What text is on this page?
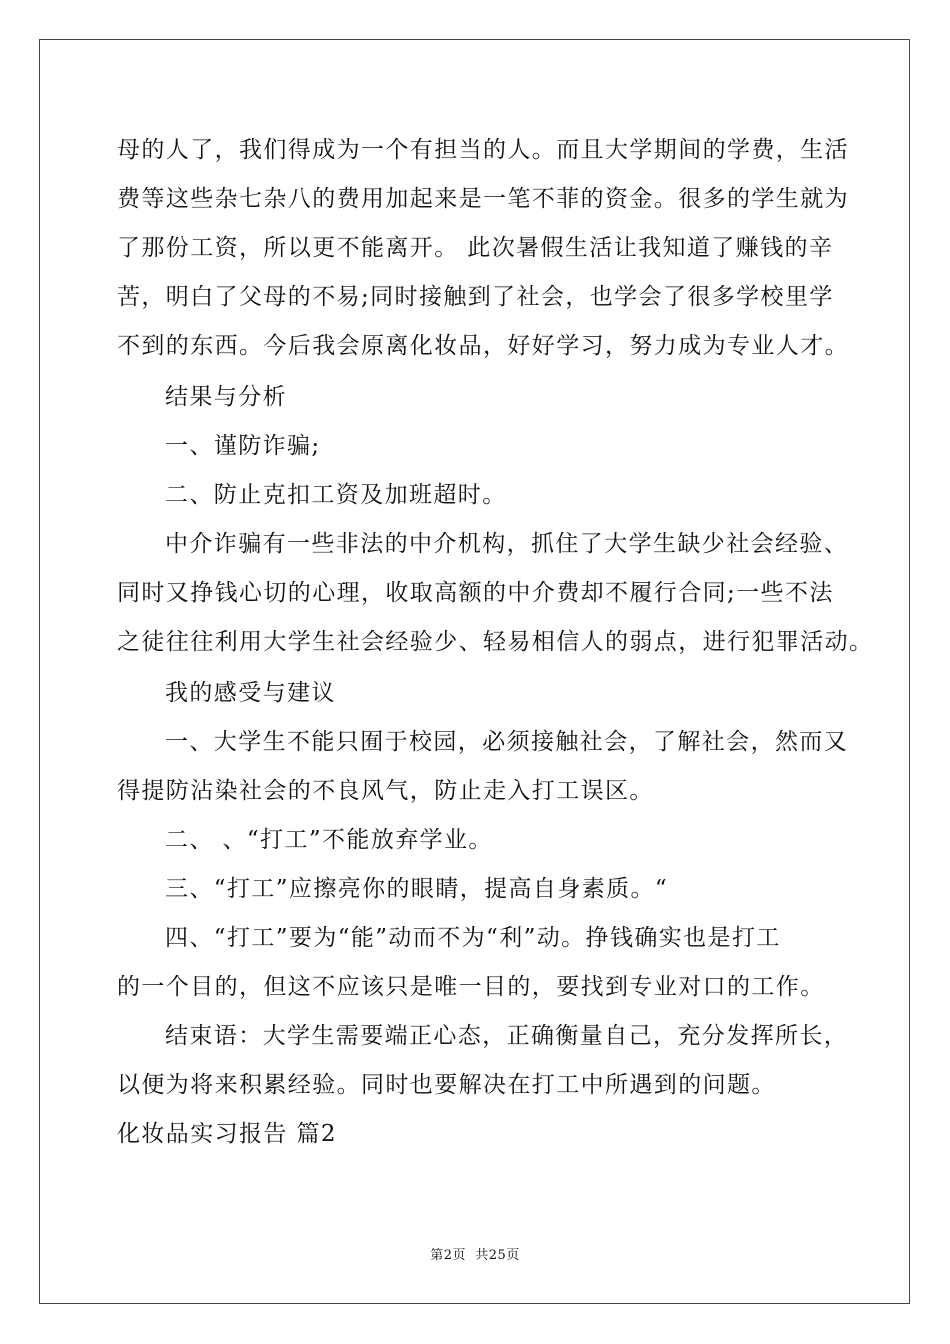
母的人了，我们得成为一个有担当的人。而且大学期间的学费，生活
费等这些杂七杂八的费用加起来是一笔不菲的资金。很多的学生就为
了那份工资，所以更不能离开。 此次暑假生活让我知道了赚钱的辛
苦，明白了父母的不易;同时接触到了社会，也学会了很多学校里学
不到的东西。今后我会原离化妆品，好好学习，努力成为专业人才。
结果与分析
一、谨防诈骗;
二、防止克扣工资及加班超时。
中介诈骗有一些非法的中介机构，抓住了大学生缺少社会经验、
同时又挣钱心切的心理，收取高额的中介费却不履行合同;一些不法
之徒往往利用大学生社会经验少、轻易相信人的弱点，进行犯罪活动。
我的感受与建议
一、大学生不能只囿于校园，必须接触社会，了解社会，然而又
得提防沾染社会的不良风气，防止走入打工误区。
二、 、“打工”不能放弃学业。
三、“打工”应擦亮你的眼睛，提高自身素质。“
四、“打工”要为“能”动而不为“利”动。挣钱确实也是打工
的一个目的，但这不应该只是唯一目的，要找到专业对口的工作。
结束语：大学生需要端正心态，正确衡量自己，充分发挥所长，
以便为将来积累经验。同时也要解决在打工中所遇到的问题。
化妆品实习报告 篇2
第2页  共25页
